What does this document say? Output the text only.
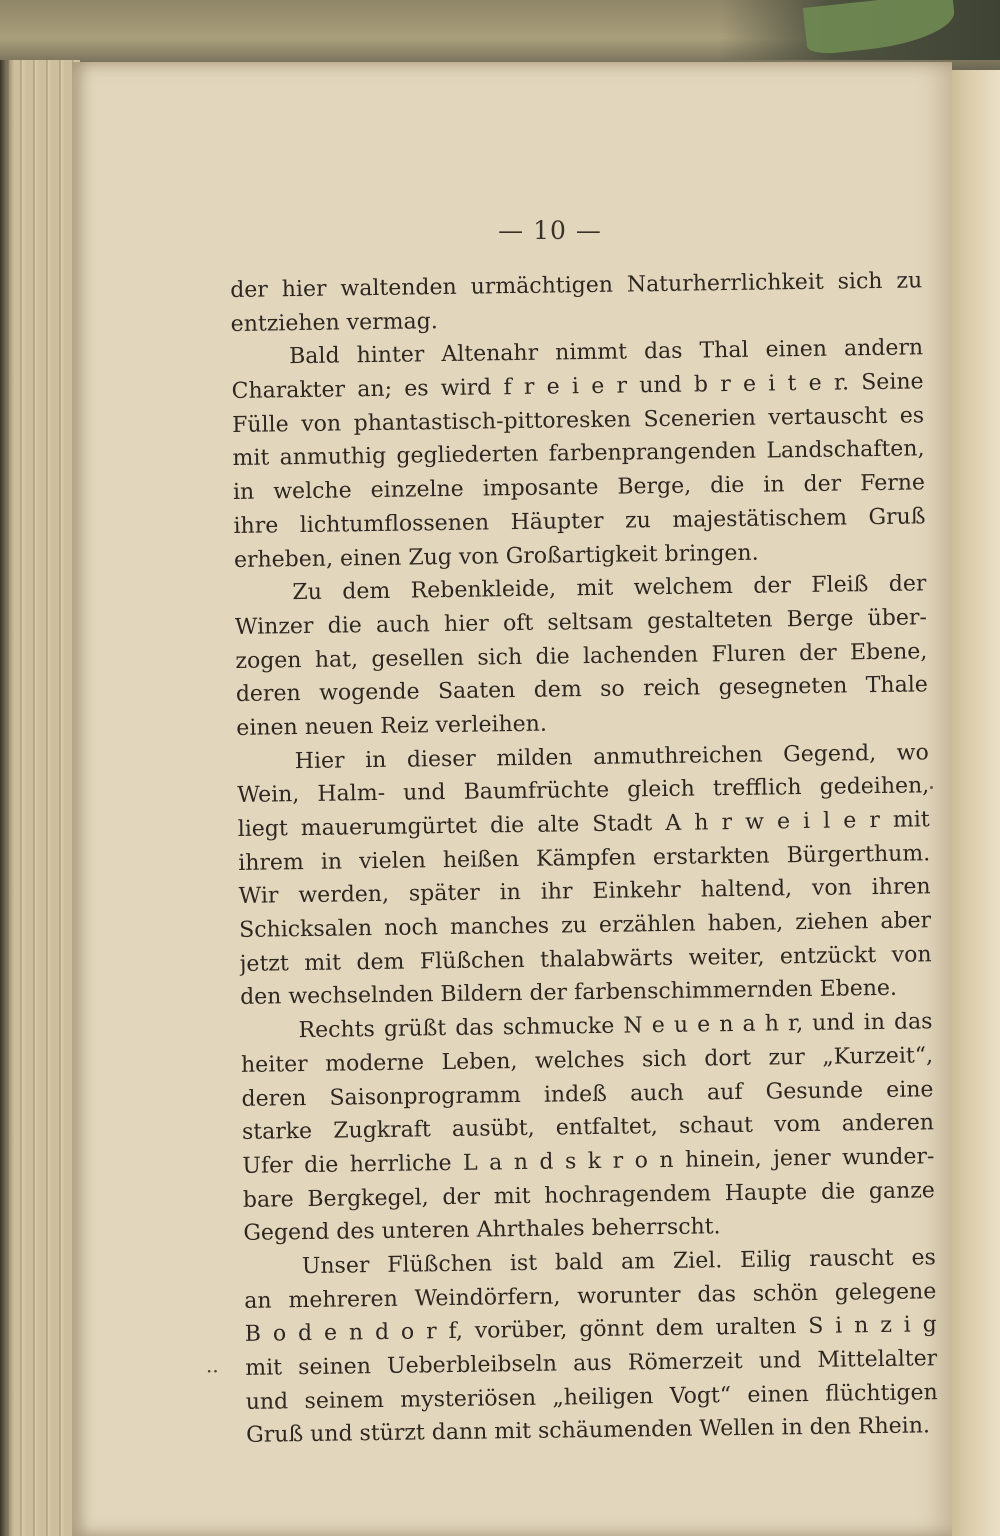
— 10 —
der hier waltenden urmächtigen Naturherrlichkeit sich zu
entziehen vermag.
Bald hinter Altenahr nimmt das Thal einen andern
Charakter an; es wird f r e i e r und b r e i t e r. Seine
Fülle von phantastisch-pittoresken Scenerien vertauscht es
mit anmuthig gegliederten farbenprangenden Landschaften,
in welche einzelne imposante Berge, die in der Ferne
ihre lichtumflossenen Häupter zu majestätischem Gruß
erheben, einen Zug von Großartigkeit bringen.
Zu dem Rebenkleide, mit welchem der Fleiß der
Winzer die auch hier oft seltsam gestalteten Berge über-
zogen hat, gesellen sich die lachenden Fluren der Ebene,
deren wogende Saaten dem so reich gesegneten Thale
einen neuen Reiz verleihen.
Hier in dieser milden anmuthreichen Gegend, wo
Wein, Halm- und Baumfrüchte gleich trefflich gedeihen,
liegt mauerumgürtet die alte Stadt A h r w e i l e r mit
ihrem in vielen heißen Kämpfen erstarkten Bürgerthum.
Wir werden, später in ihr Einkehr haltend, von ihren
Schicksalen noch manches zu erzählen haben, ziehen aber
jetzt mit dem Flüßchen thalabwärts weiter, entzückt von
den wechselnden Bildern der farbenschimmernden Ebene.
Rechts grüßt das schmucke N e u e n a h r, und in das
heiter moderne Leben, welches sich dort zur „Kurzeit“,
deren Saisonprogramm indeß auch auf Gesunde eine
starke Zugkraft ausübt, entfaltet, schaut vom anderen
Ufer die herrliche L a n d s k r o n hinein, jener wunder-
bare Bergkegel, der mit hochragendem Haupte die ganze
Gegend des unteren Ahrthales beherrscht.
Unser Flüßchen ist bald am Ziel. Eilig rauscht es
an mehreren Weindörfern, worunter das schön gelegene
B o d e n d o r f, vorüber, gönnt dem uralten S i n z i g
mit seinen Ueberbleibseln aus Römerzeit und Mittelalter
und seinem mysteriösen „heiligen Vogt“ einen flüchtigen
Gruß und stürzt dann mit schäumenden Wellen in den Rhein.
··
